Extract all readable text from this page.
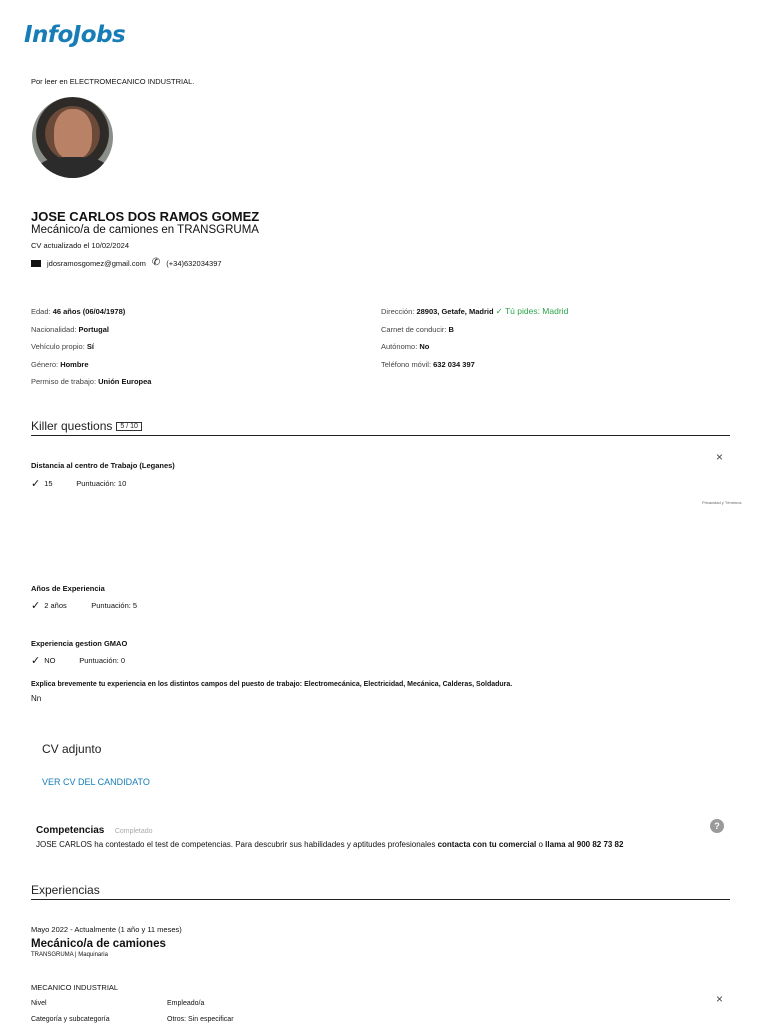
InfoJobs
Por leer en ELECTROMECANICO INDUSTRIAL.
JOSE CARLOS DOS RAMOS GOMEZ
Mecánico/a de camiones en TRANSGRUMA
CV actualizado el 10/02/2024
jdosramosgomez@gmail.com ✆ (+34)632034397
Edad: 46 años (06/04/1978)
Nacionalidad: Portugal
Vehículo propio: Sí
Género: Hombre
Permiso de trabajo: Unión Europea
Dirección: 28903, Getafe, Madrid ✓ Tú pides: Madrid
Carnet de conducir: B
Autónomo: No
Teléfono móvil: 632 034 397
Killer questions 5 / 10
×
Distancia al centro de Trabajo (Leganes)
✓ 15	Puntuación: 10
Privacidad y Términos
Años de Experiencia
✓ 2 años	Puntuación: 5
Experiencia gestion GMAO
✓ NO	Puntuación: 0
Explica brevemente tu experiencia en los distintos campos del puesto de trabajo: Electromecánica, Electricidad, Mecánica, Calderas, Soldadura.
Nn
CV adjunto
VER CV DEL CANDIDATO
Competencias Completado
?
JOSE CARLOS ha contestado el test de competencias. Para descubrir sus habilidades y aptitudes profesionales contacta con tu comercial o llama al 900 82 73 82
Experiencias
Mayo 2022 - Actualmente (1 año y 11 meses)
Mecánico/a de camiones
TRANSGRUMA | Maquinaria
MECANICO INDUSTRIAL
Nivel	Empleado/a
Categoría y subcategoría	Otros: Sin especificar
×
